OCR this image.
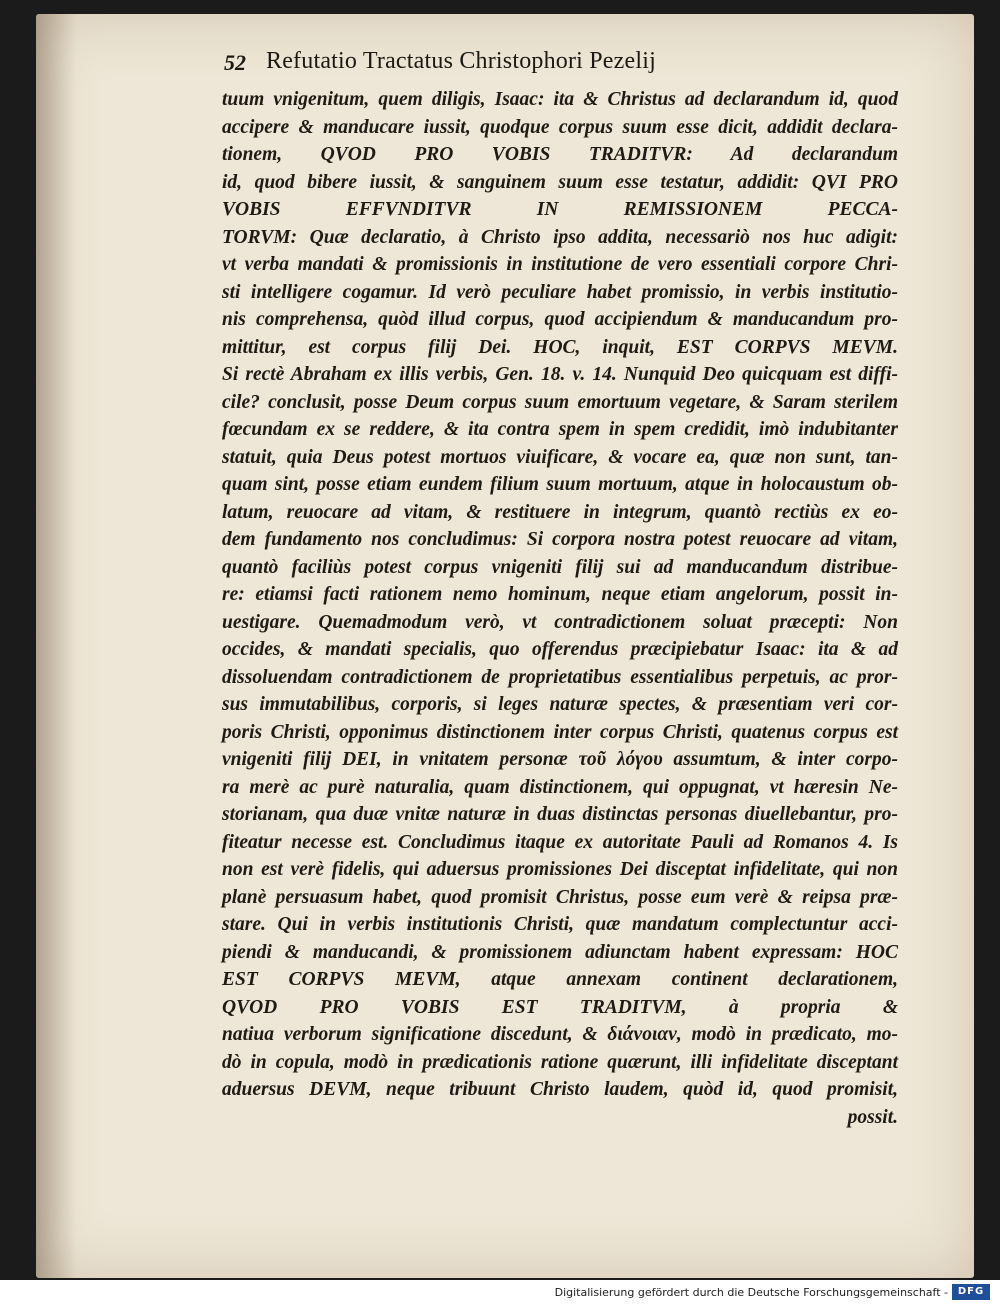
52 Refutatio Tractatus Christophori Pezelij
tuum vnigenitum, quem diligis, Isaac: ita & Christus ad declarandum id, quod
accipere & manducare iussit, quodque corpus suum esse dicit, addidit declara-
tionem, QVOD PRO VOBIS TRADITVR: Ad declarandum
id, quod bibere iussit, & sanguinem suum esse testatur, addidit: QVI PRO
VOBIS EFFVNDITVR IN REMISSIONEM PECCA-
TORVM: Quæ declaratio, à Christo ipso addita, necessariò nos huc adigit:
vt verba mandati & promissionis in institutione de vero essentiali corpore Chri-
sti intelligere cogamur. Id verò peculiare habet promissio, in verbis institutio-
nis comprehensa, quòd illud corpus, quod accipiendum & manducandum pro-
mittitur, est corpus filij Dei. HOC, inquit, EST CORPVS MEVM.
Si rectè Abraham ex illis verbis, Gen. 18. v. 14. Nunquid Deo quicquam est diffi-
cile? conclusit, posse Deum corpus suum emortuum vegetare, & Saram sterilem
fœcundam ex se reddere, & ita contra spem in spem credidit, imò indubitanter
statuit, quia Deus potest mortuos viuificare, & vocare ea, quæ non sunt, tan-
quam sint, posse etiam eundem filium suum mortuum, atque in holocaustum ob-
latum, reuocare ad vitam, & restituere in integrum, quantò rectiùs ex eo-
dem fundamento nos concludimus: Si corpora nostra potest reuocare ad vitam,
quantò faciliùs potest corpus vnigeniti filij sui ad manducandum distribue-
re: etiamsi facti rationem nemo hominum, neque etiam angelorum, possit in-
uestigare. Quemadmodum verò, vt contradictionem soluat præcepti: Non
occides, & mandati specialis, quo offerendus præcipiebatur Isaac: ita & ad
dissoluendam contradictionem de proprietatibus essentialibus perpetuis, ac pror-
sus immutabilibus, corporis, si leges naturæ spectes, & præsentiam veri cor-
poris Christi, opponimus distinctionem inter corpus Christi, quatenus corpus est
vnigeniti filij DEI, in vnitatem personæ τοῦ λόγου assumtum, & inter corpo-
ra merè ac purè naturalia, quam distinctionem, qui oppugnat, vt hæresin Ne-
storianam, qua duæ vnitæ naturæ in duas distinctas personas diuellebantur, pro-
fiteatur necesse est. Concludimus itaque ex autoritate Pauli ad Romanos 4. Is
non est verè fidelis, qui aduersus promissiones Dei disceptat infidelitate, qui non
planè persuasum habet, quod promisit Christus, posse eum verè & reipsa præ-
stare. Qui in verbis institutionis Christi, quæ mandatum complectuntur acci-
piendi & manducandi, & promissionem adiunctam habent expressam: HOC
EST CORPVS MEVM, atque annexam continent declarationem,
QVOD PRO VOBIS EST TRADITVM, à propria &
natiua verborum significatione discedunt, & διάνοιαν, modò in prædicato, mo-
dò in copula, modò in prædicationis ratione quærunt, illi infidelitate disceptant
aduersus DEVM, neque tribuunt Christo laudem, quòd id, quod promisit,
possit.
Digitalisierung gefördert durch die Deutsche Forschungsgemeinschaft - DFG
